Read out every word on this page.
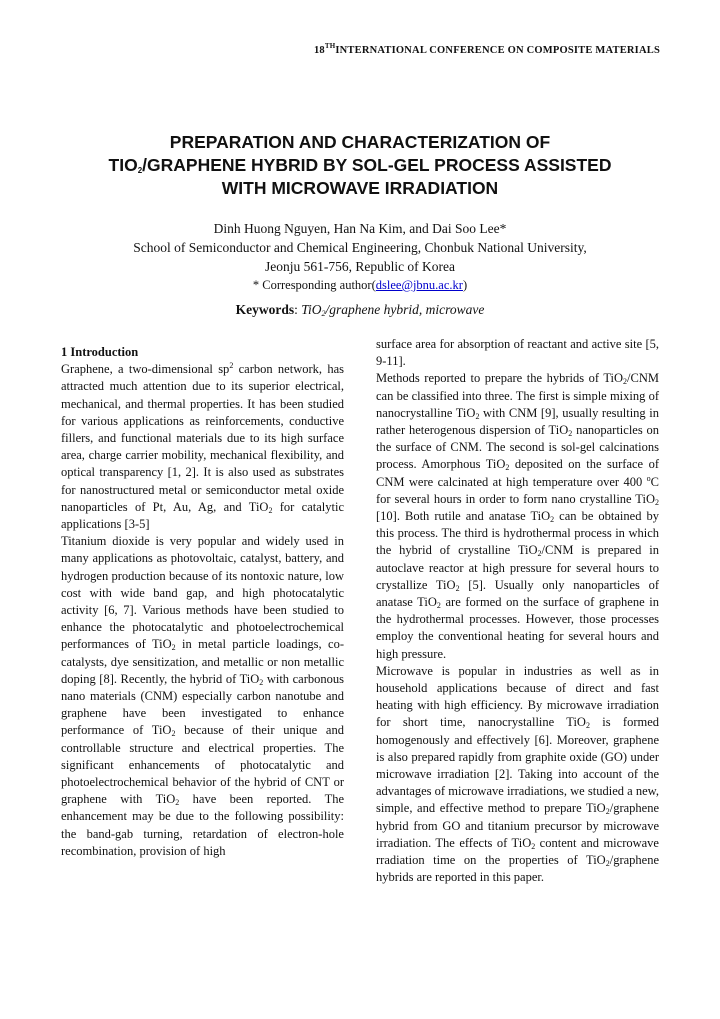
18THINTERNATIONAL CONFERENCE ON COMPOSITE MATERIALS
PREPARATION AND CHARACTERIZATION OF
$TIO_2$/GRAPHENE HYBRID BY SOL-GEL PROCESS ASSISTED
WITH MICROWAVE IRRADIATION
Dinh Huong Nguyen, Han Na Kim, and Dai Soo Lee*
School of Semiconductor and Chemical Engineering, Chonbuk National University,
Jeonju 561-756, Republic of Korea
* Corresponding author(dslee@jbnu.ac.kr)
Keywords: TiO$_2$/graphene hybrid, microwave

1 Introduction

Graphene, a two-dimensional $sp^2$ carbon network, has attracted much attention due to its superior electrical, mechanical, and thermal properties. It has been studied for various applications as reinforcements, conductive fillers, and functional materials due to its high surface area, charge carrier mobility, mechanical flexibility, and optical transparency [1, 2]. It is also used as substrates for nanostructured metal or semiconductor metal oxide nanoparticles of Pt, Au, Ag, and TiO$_2$ for catalytic applications [3-5]

Titanium dioxide is very popular and widely used in many applications as photovoltaic, catalyst, battery, and hydrogen production because of its nontoxic nature, low cost with wide band gap, and high photocatalytic activity [6, 7]. Various methods have been studied to enhance the photocatalytic and photoelectrochemical performances of TiO$_2$ in metal particle loadings, co-catalysts, dye sensitization, and metallic or non metallic doping [8]. Recently, the hybrid of TiO$_2$ with carbonous nano materials (CNM) especially carbon nanotube and graphene have been investigated to enhance performance of TiO$_2$ because of their unique and controllable structure and electrical properties. The significant enhancements of photocatalytic and photoelectrochemical behavior of the hybrid of CNT or graphene with TiO$_2$ have been reported. The enhancement may be due to the following possibility: the band-gab turning, retardation of electron-hole recombination, provision of high

surface area for absorption of reactant and active site [5, 9-11].

Methods reported to prepare the hybrids of TiO$_2$/CNM can be classified into three. The first is simple mixing of nanocrystalline TiO$_2$ with CNM [9], usually resulting in rather heterogenous dispersion of TiO$_2$ nanoparticles on the surface of CNM. The second is sol-gel calcinations process. Amorphous TiO$_2$ deposited on the surface of CNM were calcinated at high temperature over 400 $^o$C for several hours in order to form nano crystalline TiO$_2$ [10]. Both rutile and anatase TiO$_2$ can be obtained by this process. The third is hydrothermal process in which the hybrid of crystalline TiO$_2$/CNM is prepared in autoclave reactor at high pressure for several hours to crystallize TiO$_2$ [5]. Usually only nanoparticles of anatase TiO$_2$ are formed on the surface of graphene in the hydrothermal processes. However, those processes employ the conventional heating for several hours and high pressure.

Microwave is popular in industries as well as in household applications because of direct and fast heating with high efficiency. By microwave irradiation for short time, nanocrystalline TiO$_2$ is formed homogenously and effectively [6]. Moreover, graphene is also prepared rapidly from graphite oxide (GO) under microwave irradiation [2]. Taking into account of the advantages of microwave irradiations, we studied a new, simple, and effective method to prepare TiO$_2$/graphene hybrid from GO and titanium precursor by microwave irradiation. The effects of TiO$_2$ content and microwave rradiation time on the properties of TiO$_2$/graphene hybrids are reported in this paper.
